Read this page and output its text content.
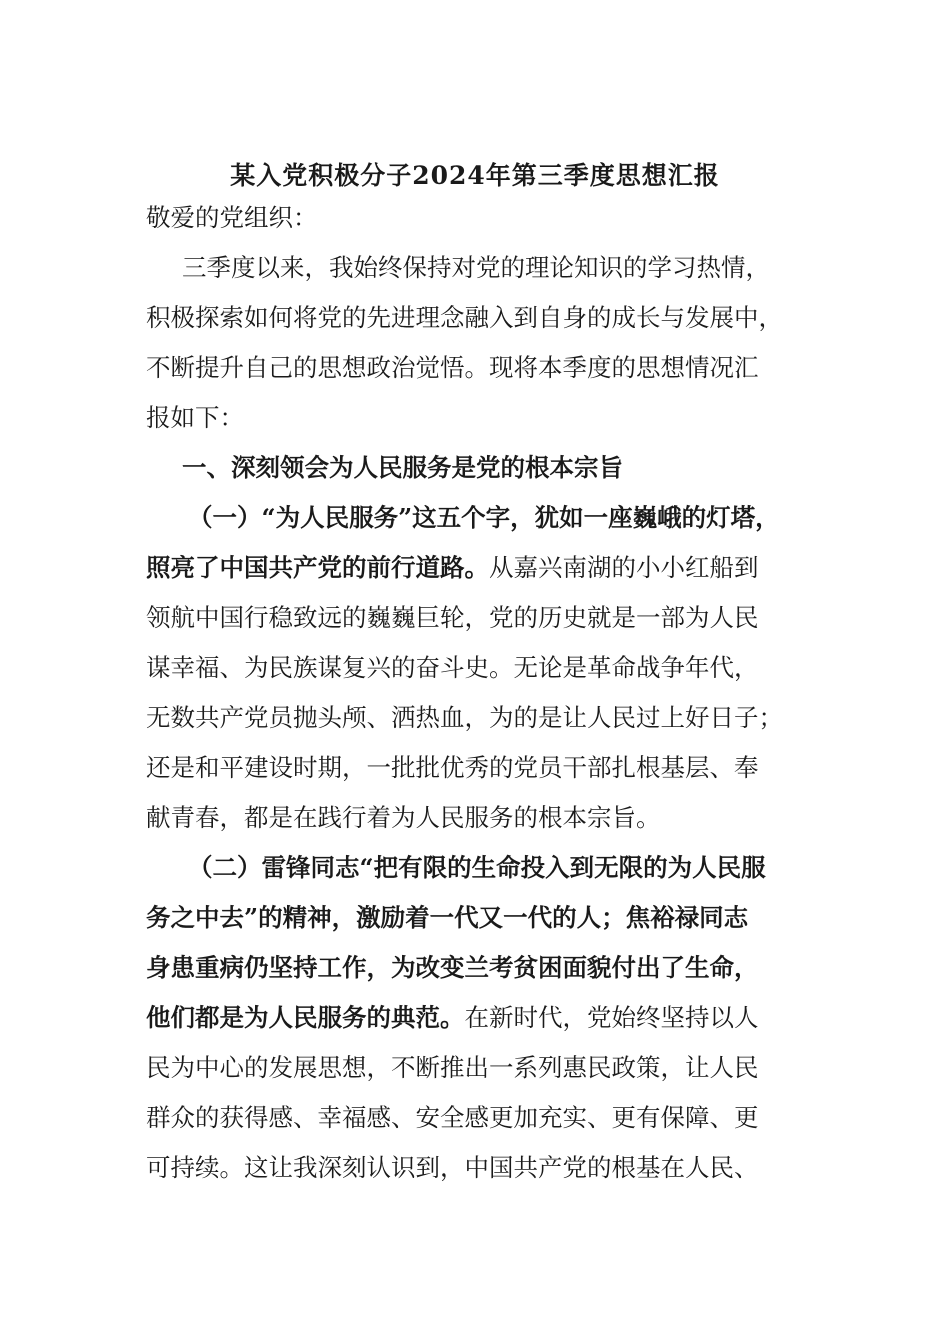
某入党积极分子2024年第三季度思想汇报
敬爱的党组织：
三季度以来，我始终保持对党的理论知识的学习热情，
积极探索如何将党的先进理念融入到自身的成长与发展中，
不断提升自己的思想政治觉悟。现将本季度的思想情况汇
报如下：
一、深刻领会为人民服务是党的根本宗旨
（一）“为人民服务”这五个字，犹如一座巍峨的灯塔，
照亮了中国共产党的前行道路。从嘉兴南湖的小小红船到
领航中国行稳致远的巍巍巨轮，党的历史就是一部为人民
谋幸福、为民族谋复兴的奋斗史。无论是革命战争年代，
无数共产党员抛头颅、洒热血，为的是让人民过上好日子；
还是和平建设时期，一批批优秀的党员干部扎根基层、奉
献青春，都是在践行着为人民服务的根本宗旨。
（二）雷锋同志“把有限的生命投入到无限的为人民服
务之中去”的精神，激励着一代又一代的人；焦裕禄同志
身患重病仍坚持工作，为改变兰考贫困面貌付出了生命，
他们都是为人民服务的典范。在新时代，党始终坚持以人
民为中心的发展思想，不断推出一系列惠民政策，让人民
群众的获得感、幸福感、安全感更加充实、更有保障、更
可持续。这让我深刻认识到，中国共产党的根基在人民、
